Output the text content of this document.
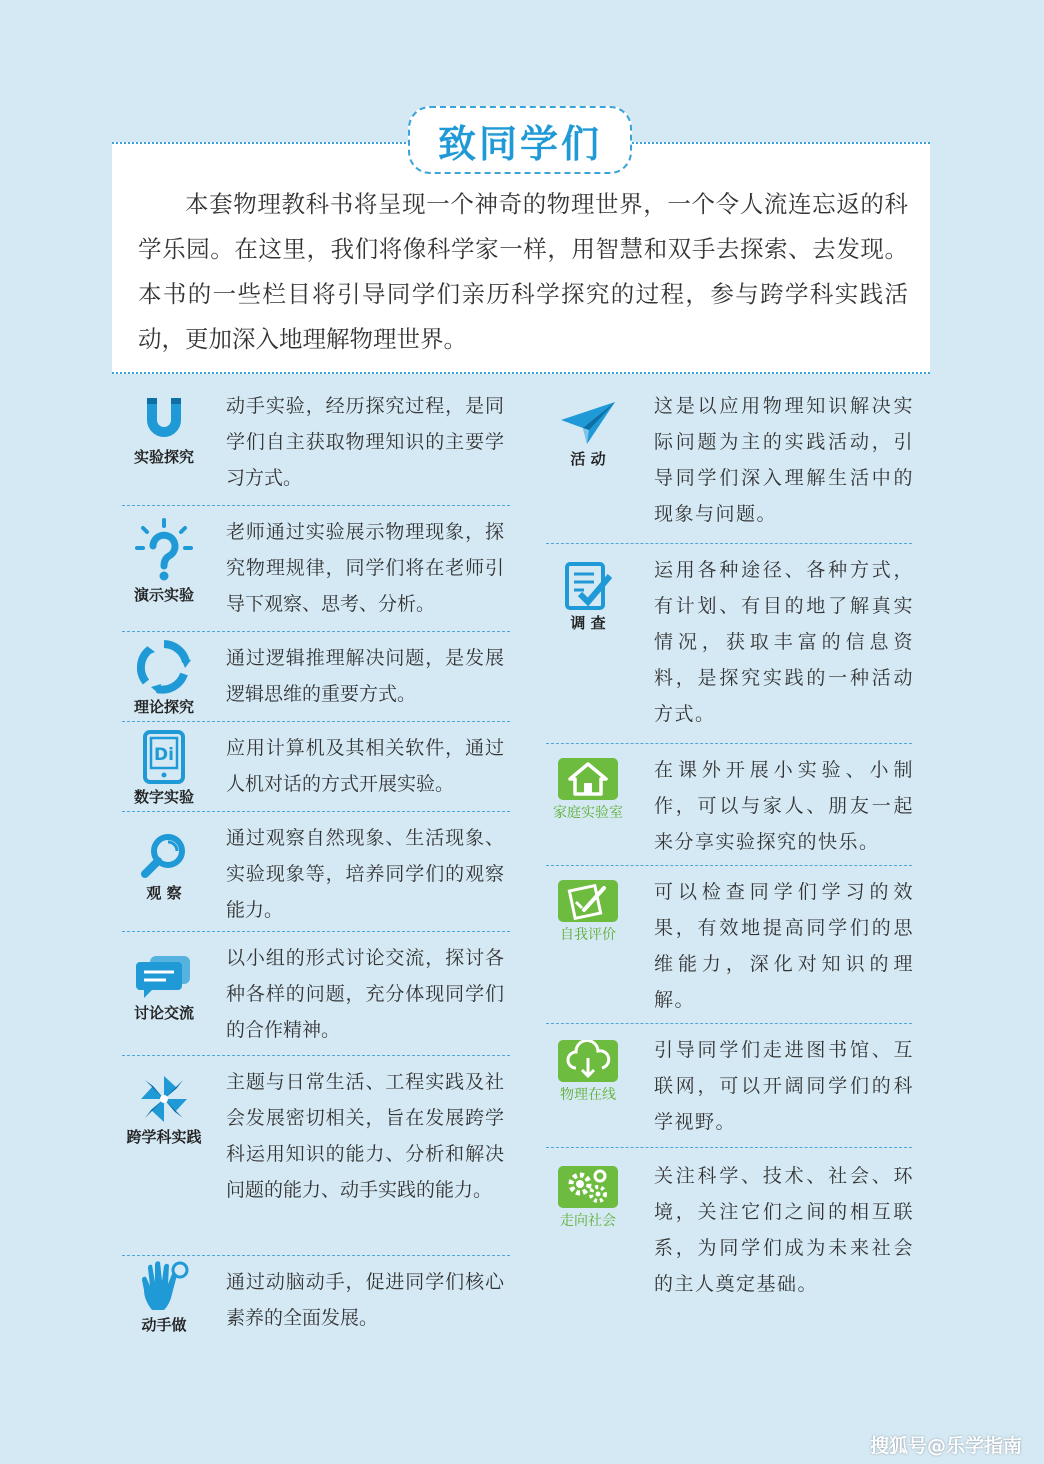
致同学们

本套物理教科书将呈现一个神奇的物理世界，一个令人流连忘返的科学乐园。在这里，我们将像科学家一样，用智慧和双手去探索、去发现。本书的一些栏目将引导同学们亲历科学探究的过程，参与跨学科实践活动，更加深入地理解物理世界。

实验探究

动手实验，经历探究过程，是同学们自主获取物理知识的主要学习方式。

演示实验

老师通过实验展示物理现象，探究物理规律，同学们将在老师引导下观察、思考、分析。

理论探究

通过逻辑推理解决问题，是发展逻辑思维的重要方式。

Di
数字实验

应用计算机及其相关软件，通过人机对话的方式开展实验。

观 察

通过观察自然现象、生活现象、实验现象等，培养同学们的观察能力。

讨论交流

以小组的形式讨论交流，探讨各种各样的问题，充分体现同学们的合作精神。

跨学科实践

主题与日常生活、工程实践及社会发展密切相关，旨在发展跨学科运用知识的能力、分析和解决问题的能力、动手实践的能力。

动手做

通过动脑动手，促进同学们核心素养的全面发展。

活 动

这是以应用物理知识解决实际问题为主的实践活动，引导同学们深入理解生活中的现象与问题。

调 查

运用各种途径、各种方式，有计划、有目的地了解真实情况，获取丰富的信息资料，是探究实践的一种活动方式。

家庭实验室

在课外开展小实验、小制作，可以与家人、朋友一起来分享实验探究的快乐。

自我评价

可以检查同学们学习的效果，有效地提高同学们的思维能力，深化对知识的理解。

物理在线

引导同学们走进图书馆、互联网，可以开阔同学们的科学视野。

走向社会

关注科学、技术、社会、环境，关注它们之间的相互联系，为同学们成为未来社会的主人奠定基础。

搜狐号@乐学指南
